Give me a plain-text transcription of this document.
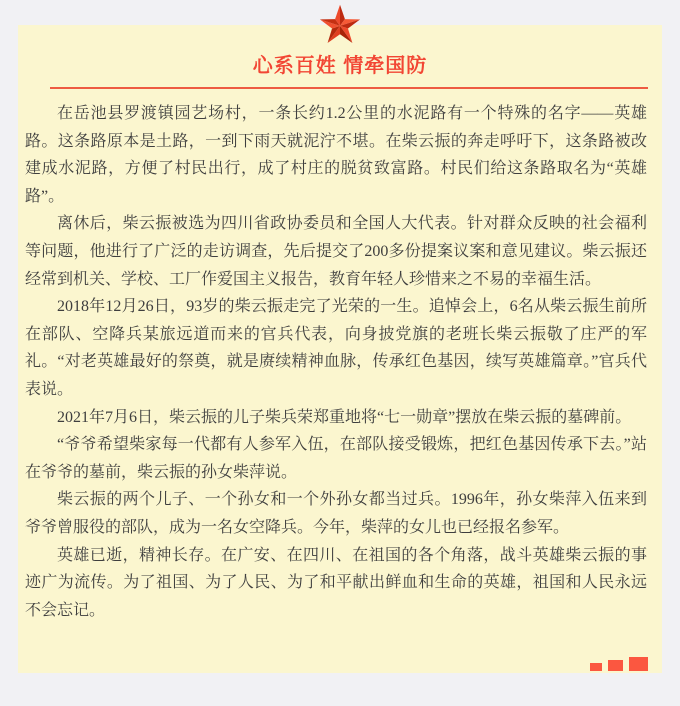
心系百姓 情牵国防

在岳池县罗渡镇园艺场村，一条长约1.2公里的水泥路有一个特殊的名字——英雄路。这条路原本是土路，一到下雨天就泥泞不堪。在柴云振的奔走呼吁下，这条路被改建成水泥路，方便了村民出行，成了村庄的脱贫致富路。村民们给这条路取名为“英雄路”。

离休后，柴云振被选为四川省政协委员和全国人大代表。针对群众反映的社会福利等问题，他进行了广泛的走访调查，先后提交了200多份提案议案和意见建议。柴云振还经常到机关、学校、工厂作爱国主义报告，教育年轻人珍惜来之不易的幸福生活。

2018年12月26日，93岁的柴云振走完了光荣的一生。追悼会上，6名从柴云振生前所在部队、空降兵某旅远道而来的官兵代表，向身披党旗的老班长柴云振敬了庄严的军礼。“对老英雄最好的祭奠，就是赓续精神血脉，传承红色基因，续写英雄篇章。”官兵代表说。

2021年7月6日，柴云振的儿子柴兵荣郑重地将“七一勋章”摆放在柴云振的墓碑前。

“爷爷希望柴家每一代都有人参军入伍，在部队接受锻炼，把红色基因传承下去。”站在爷爷的墓前，柴云振的孙女柴萍说。

柴云振的两个儿子、一个孙女和一个外孙女都当过兵。1996年，孙女柴萍入伍来到爷爷曾服役的部队，成为一名女空降兵。今年，柴萍的女儿也已经报名参军。

英雄已逝，精神长存。在广安、在四川、在祖国的各个角落，战斗英雄柴云振的事迹广为流传。为了祖国、为了人民、为了和平献出鲜血和生命的英雄，祖国和人民永远不会忘记。
